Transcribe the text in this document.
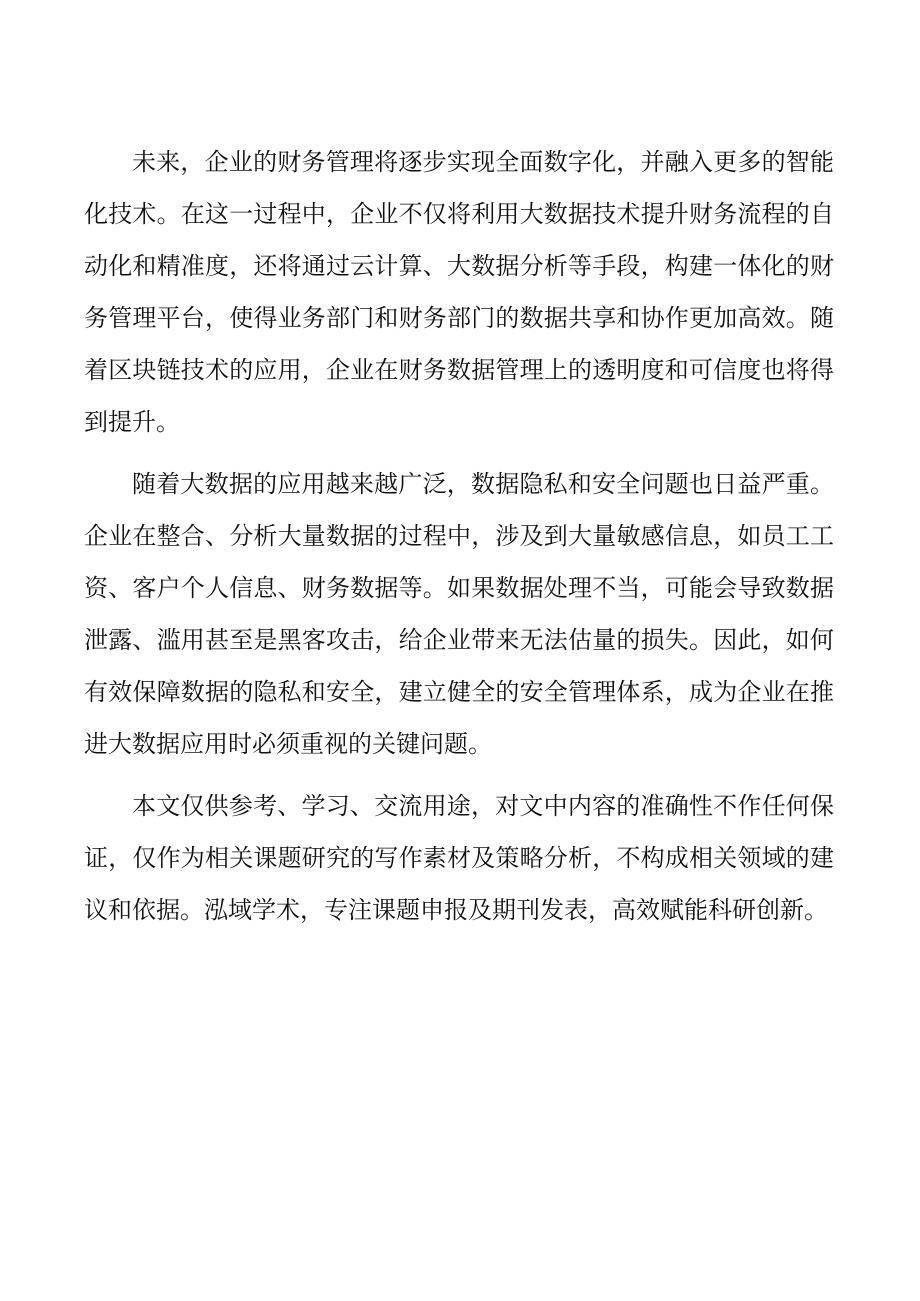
未来，企业的财务管理将逐步实现全面数字化，并融入更多的智能化技术。在这一过程中，企业不仅将利用大数据技术提升财务流程的自动化和精准度，还将通过云计算、大数据分析等手段，构建一体化的财务管理平台，使得业务部门和财务部门的数据共享和协作更加高效。随着区块链技术的应用，企业在财务数据管理上的透明度和可信度也将得到提升。

随着大数据的应用越来越广泛，数据隐私和安全问题也日益严重。企业在整合、分析大量数据的过程中，涉及到大量敏感信息，如员工工资、客户个人信息、财务数据等。如果数据处理不当，可能会导致数据泄露、滥用甚至是黑客攻击，给企业带来无法估量的损失。因此，如何有效保障数据的隐私和安全，建立健全的安全管理体系，成为企业在推进大数据应用时必须重视的关键问题。

本文仅供参考、学习、交流用途，对文中内容的准确性不作任何保证，仅作为相关课题研究的写作素材及策略分析，不构成相关领域的建议和依据。泓域学术，专注课题申报及期刊发表，高效赋能科研创新。
